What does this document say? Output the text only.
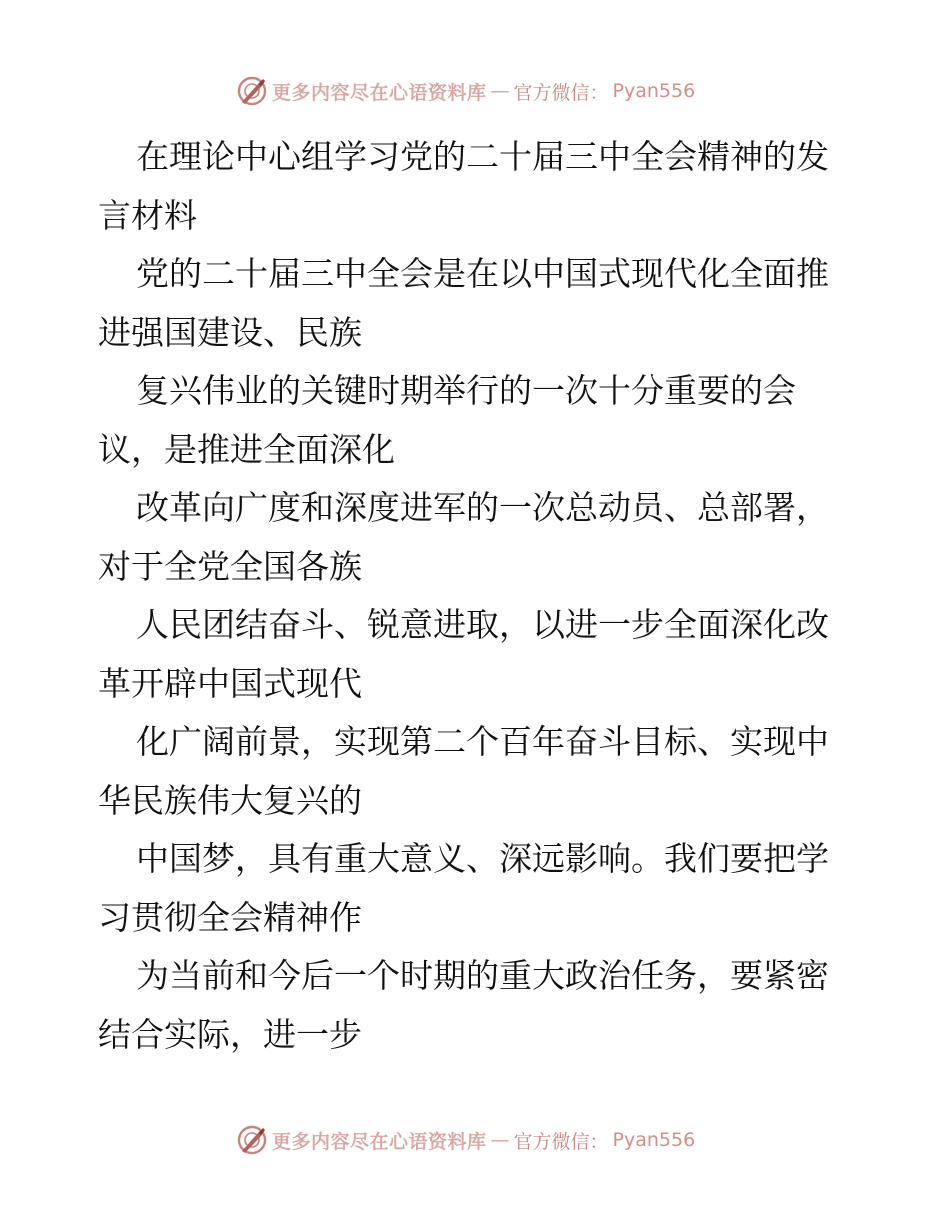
更多内容尽在心语资料库 — 官方微信： Pyan556

在理论中心组学习党的二十届三中全会精神的发

言材料

党的二十届三中全会是在以中国式现代化全面推

进强国建设、民族

复兴伟业的关键时期举行的一次十分重要的会

议，是推进全面深化

改革向广度和深度进军的一次总动员、总部署，

对于全党全国各族

人民团结奋斗、锐意进取，以进一步全面深化改

革开辟中国式现代

化广阔前景，实现第二个百年奋斗目标、实现中

华民族伟大复兴的

中国梦，具有重大意义、深远影响。我们要把学

习贯彻全会精神作

为当前和今后一个时期的重大政治任务，要紧密

结合实际，进一步

更多内容尽在心语资料库 — 官方微信： Pyan556
